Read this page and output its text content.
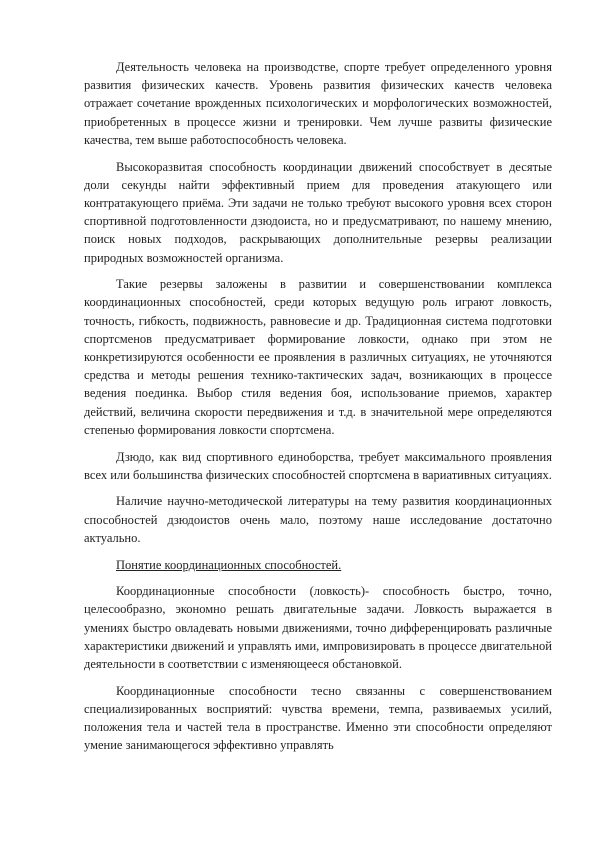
Деятельность человека на производстве, спорте требует определенного уровня развития физических качеств. Уровень развития физических качеств человека отражает сочетание врожденных психологических и морфологических возможностей, приобретенных в процессе жизни и тренировки. Чем лучше развиты физические качества, тем выше работоспособность человека.

Высокоразвитая способность координации движений способствует в десятые доли секунды найти эффективный прием для проведения атакующего или контратакующего приёма. Эти задачи не только требуют высокого уровня всех сторон спортивной подготовленности дзюдоиста, но и предусматривают, по нашему мнению, поиск новых подходов, раскрывающих дополнительные резервы реализации природных возможностей организма.

Такие резервы заложены в развитии и совершенствовании комплекса координационных способностей, среди которых ведущую роль играют ловкость, точность, гибкость, подвижность, равновесие и др. Традиционная система подготовки спортсменов предусматривает формирование ловкости, однако при этом не конкретизируются особенности ее проявления в различных ситуациях, не уточняются средства и методы решения технико-тактических задач, возникающих в процессе ведения поединка. Выбор стиля ведения боя, использование приемов, характер действий, величина скорости передвижения и т.д. в значительной мере определяются степенью формирования ловкости спортсмена.

Дзюдо, как вид спортивного единоборства, требует максимального проявления всех или большинства физических способностей спортсмена в вариативных ситуациях.

Наличие научно-методической литературы на тему развития координационных способностей дзюдоистов очень мало, поэтому наше исследование достаточно актуально.

Понятие координационных способностей.

Координационные способности (ловкость)- способность быстро, точно, целесообразно, экономно решать двигательные задачи. Ловкость выражается в умениях быстро овладевать новыми движениями, точно дифференцировать различные характеристики движений и управлять ими, импровизировать в процессе двигательной деятельности в соответствии с изменяющееся обстановкой.

Координационные способности тесно связанны с совершенствованием специализированных восприятий: чувства времени, темпа, развиваемых усилий, положения тела и частей тела в пространстве. Именно эти способности определяют умение занимающегося эффективно управлять
